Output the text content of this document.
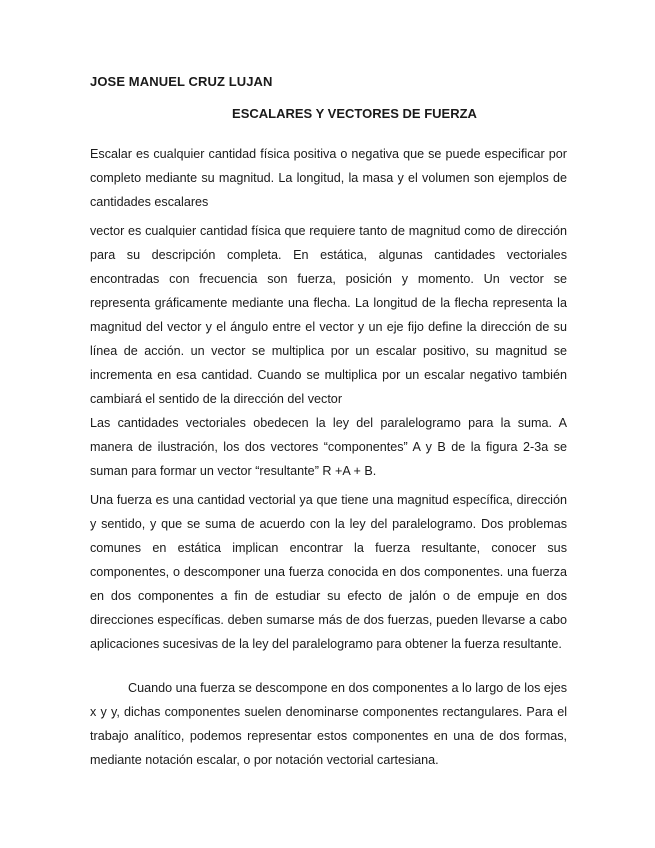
JOSE MANUEL CRUZ LUJAN
ESCALARES Y VECTORES DE FUERZA

Escalar es cualquier cantidad física positiva o negativa que se puede especificar por completo mediante su magnitud. La longitud, la masa y el volumen son ejemplos de cantidades escalares

vector es cualquier cantidad física que requiere tanto de magnitud como de dirección para su descripción completa. En estática, algunas cantidades vectoriales encontradas con frecuencia son fuerza, posición y momento. Un vector se representa gráficamente mediante una flecha. La longitud de la flecha representa la magnitud del vector y el ángulo entre el vector y un eje fijo define la dirección de su línea de acción. un vector se multiplica por un escalar positivo, su magnitud se incrementa en esa cantidad. Cuando se multiplica por un escalar negativo también cambiará el sentido de la dirección del vector

Las cantidades vectoriales obedecen la ley del paralelogramo para la suma. A manera de ilustración, los dos vectores “componentes” A y B de la figura 2-3a se suman para formar un vector “resultante” R +A + B.

Una fuerza es una cantidad vectorial ya que tiene una magnitud específica, dirección y sentido, y que se suma de acuerdo con la ley del paralelogramo. Dos problemas comunes en estática implican encontrar la fuerza resultante, conocer sus componentes, o descomponer una fuerza conocida en dos componentes. una fuerza en dos componentes a fin de estudiar su efecto de jalón o de empuje en dos direcciones específicas. deben sumarse más de dos fuerzas, pueden llevarse a cabo aplicaciones sucesivas de la ley del paralelogramo para obtener la fuerza resultante.

Cuando una fuerza se descompone en dos componentes a lo largo de los ejes x y y, dichas componentes suelen denominarse componentes rectangulares. Para el trabajo analítico, podemos representar estos componentes en una de dos formas, mediante notación escalar, o por notación vectorial cartesiana.
